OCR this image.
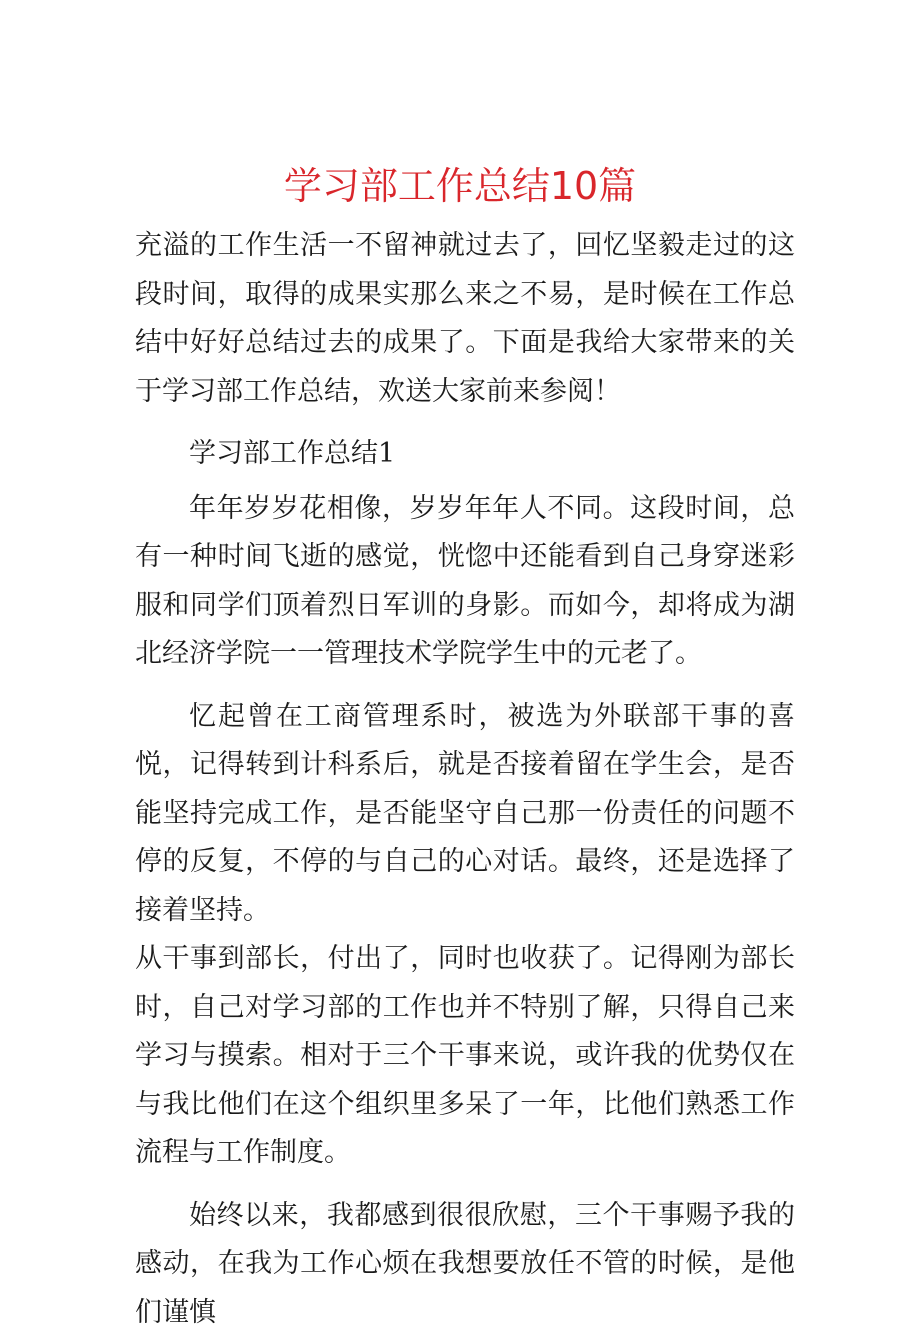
学习部工作总结10篇

充溢的工作生活一不留神就过去了，回忆坚毅走过的这段时间，取得的成果实那么来之不易，是时候在工作总结中好好总结过去的成果了。下面是我给大家带来的关于学习部工作总结，欢送大家前来参阅！

学习部工作总结1

年年岁岁花相像，岁岁年年人不同。这段时间，总有一种时间飞逝的感觉，恍惚中还能看到自己身穿迷彩服和同学们顶着烈日军训的身影。而如今，却将成为湖北经济学院一一管理技术学院学生中的元老了。

忆起曾在工商管理系时，被选为外联部干事的喜悦，记得转到计科系后，就是否接着留在学生会，是否能坚持完成工作，是否能坚守自己那一份责任的问题不停的反复，不停的与自己的心对话。最终，还是选择了接着坚持。

从干事到部长，付出了，同时也收获了。记得刚为部长时，自己对学习部的工作也并不特别了解，只得自己来学习与摸索。相对于三个干事来说，或许我的优势仅在与我比他们在这个组织里多呆了一年，比他们熟悉工作流程与工作制度。

始终以来，我都感到很很欣慰，三个干事赐予我的感动，在我为工作心烦在我想要放任不管的时候，是他们谨慎
